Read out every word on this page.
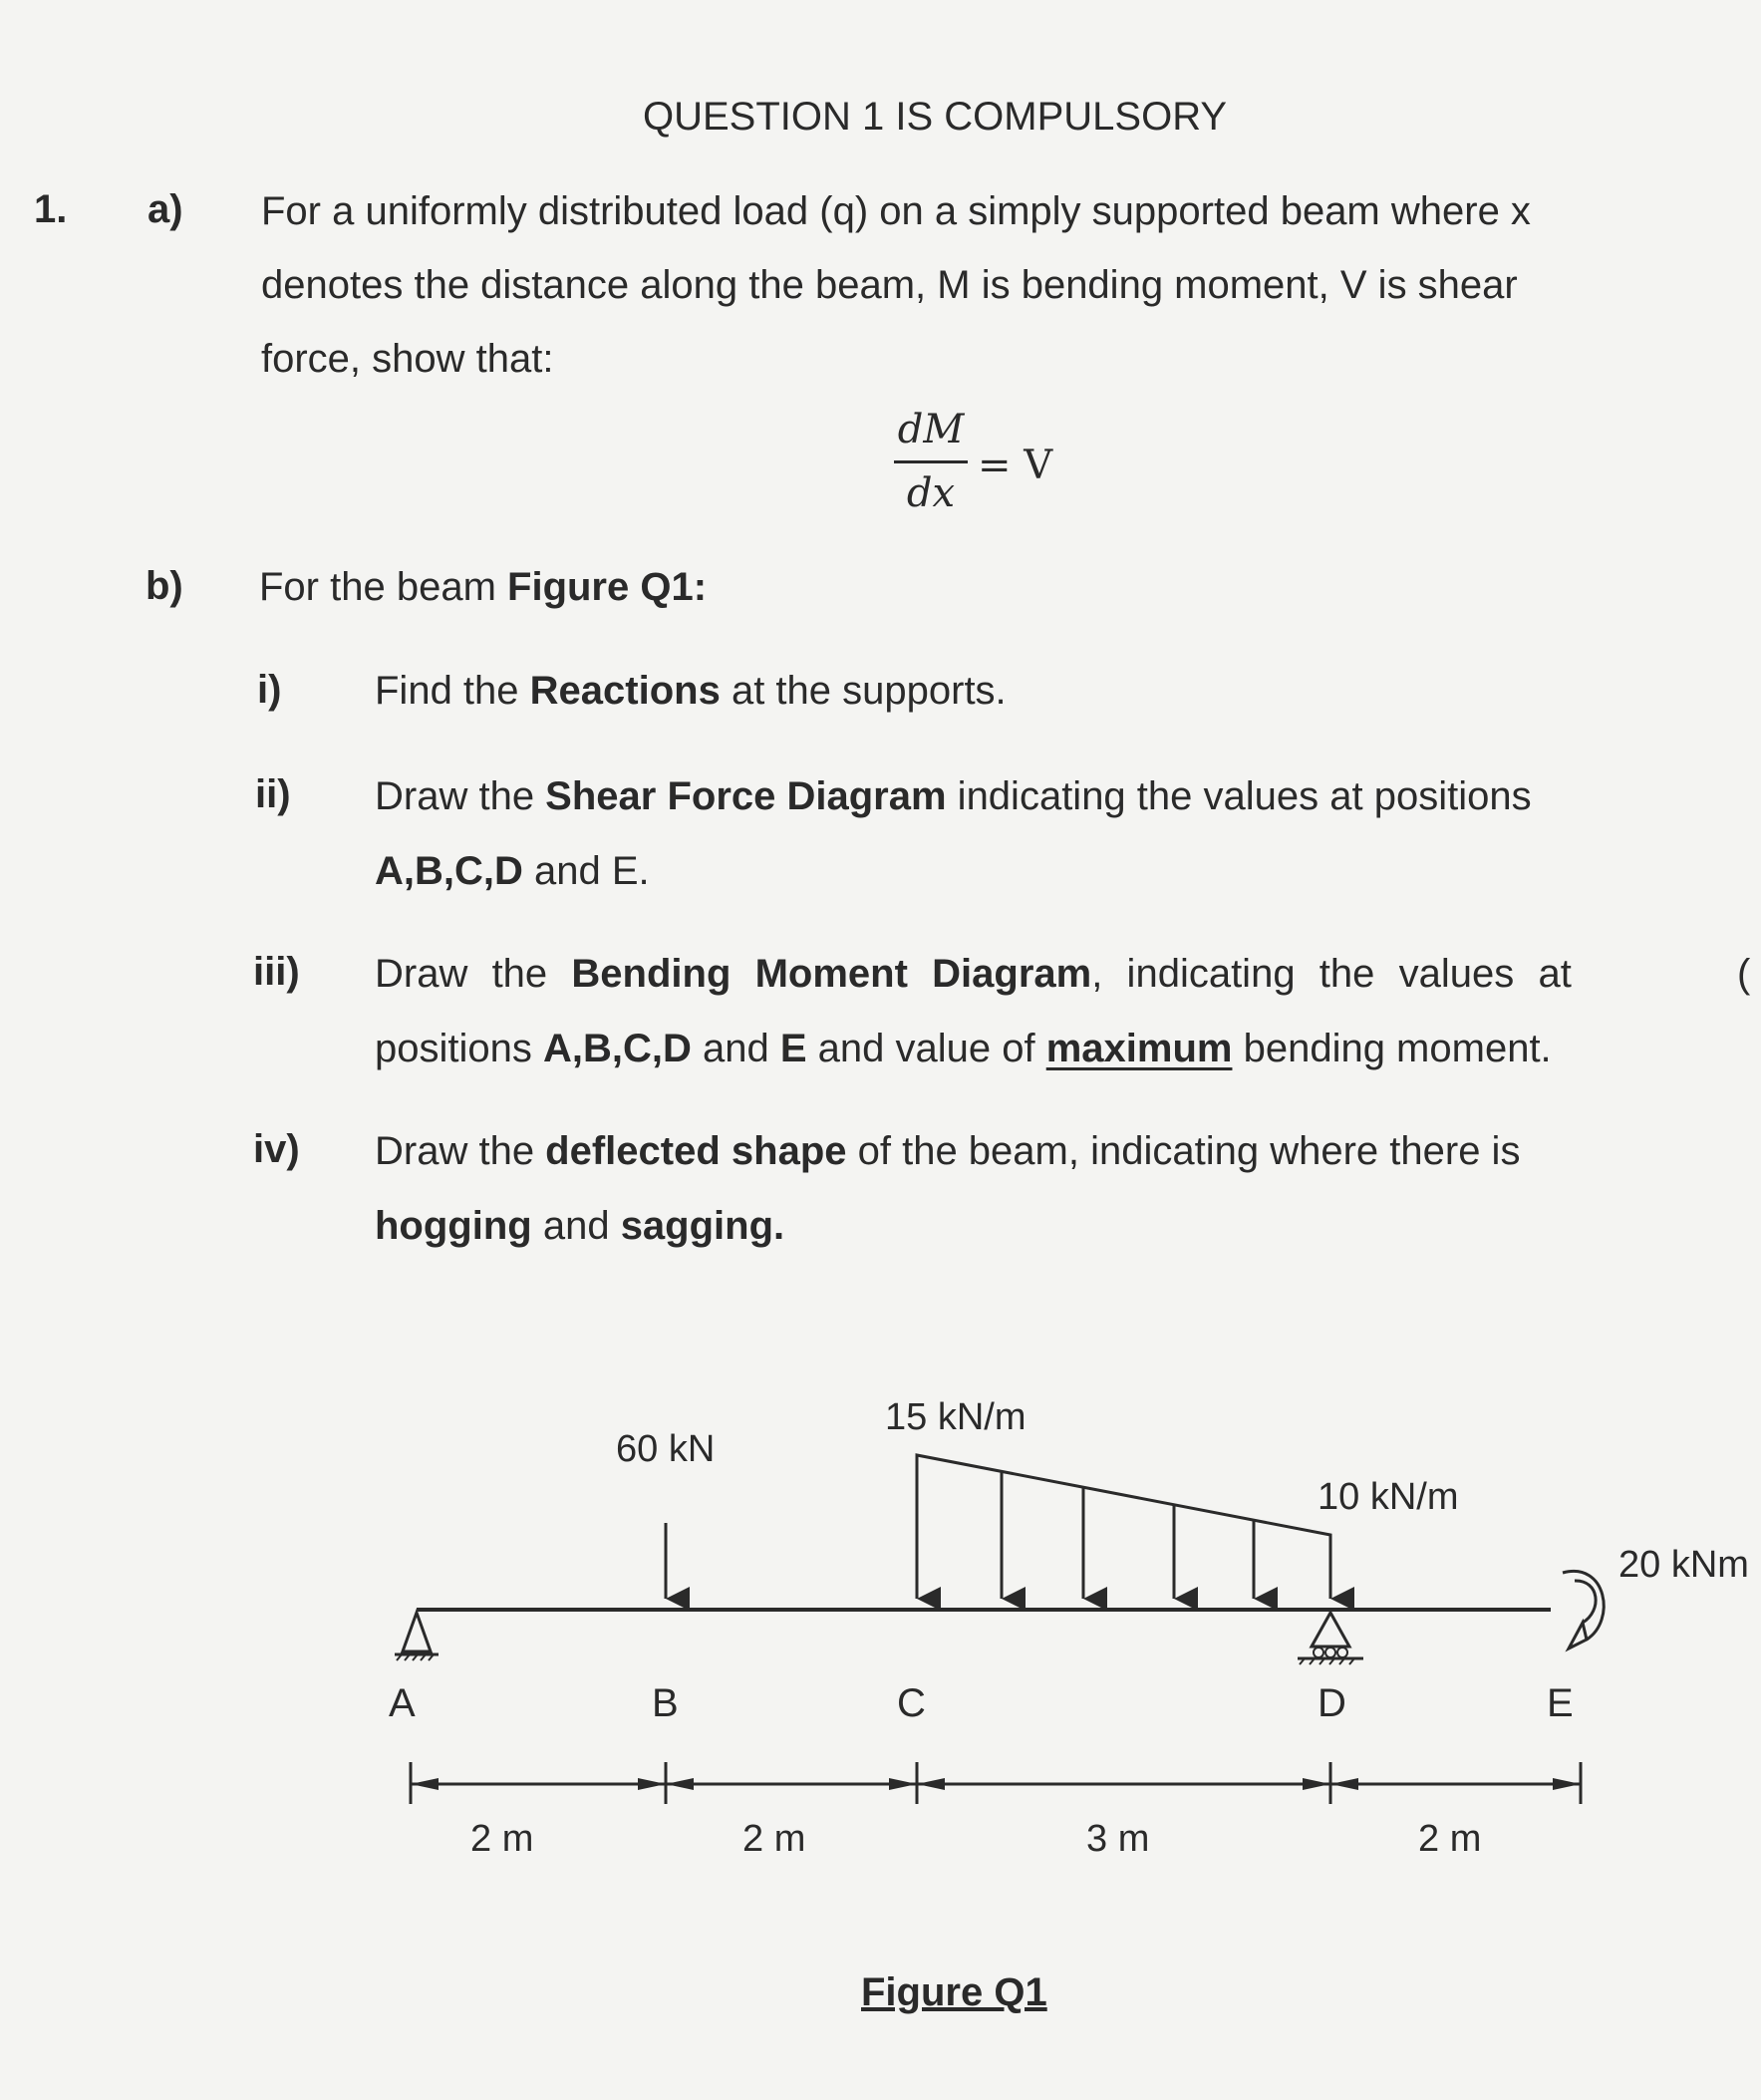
QUESTION 1 IS COMPULSORY
1. a) For a uniformly distributed load (q) on a simply supported beam where x
denotes the distance along the beam, M is bending moment, V is shear
force, show that:
dM
dx
= V
b) For the beam Figure Q1:
i) Find the Reactions at the supports.
ii) Draw the Shear Force Diagram indicating the values at positions
A,B,C,D and E.
iii) Draw  the  Bending  Moment  Diagram,  indicating  the  values  at	(
positions A,B,C,D and E and value of maximum bending moment.
iv) Draw the deflected shape of the beam, indicating where there is
hogging and sagging.
60 kN
15 kN/m
10 kN/m
20 kNm
A	B	C	D	E
2 m	2 m	3 m	2 m
Figure Q1
